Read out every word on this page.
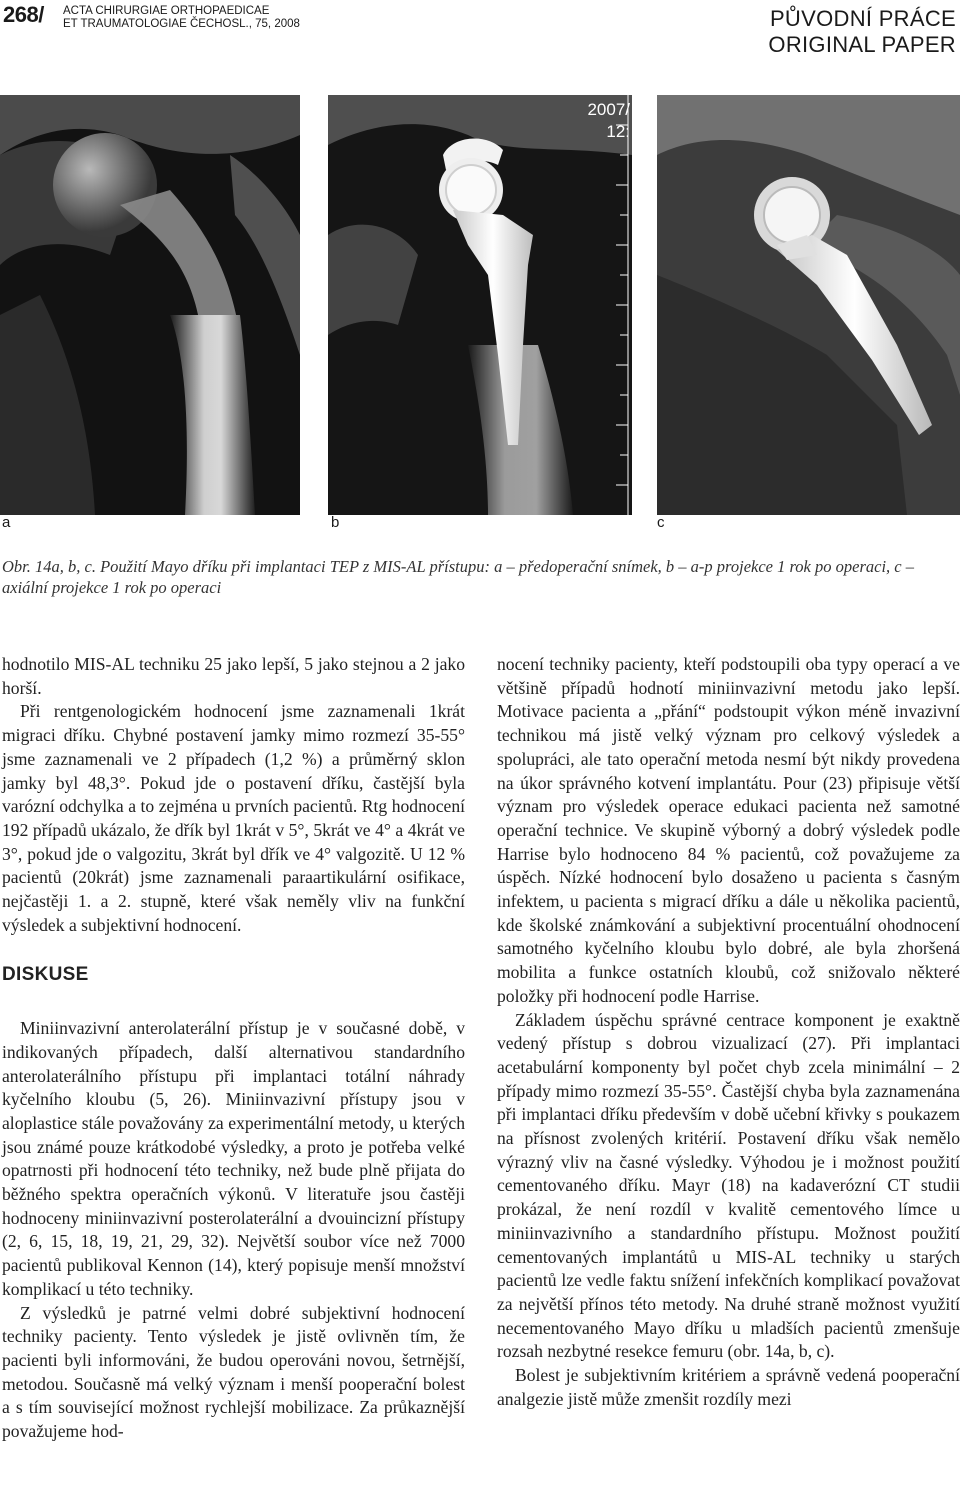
268/ ACTA CHIRURGIAE ORTHOPAEDICAE
ET TRAUMATOLOGIAE ČECHOSL., 75, 2008	PŮVODNÍ PRÁCE
ORIGINAL PAPER
2007/
12:
a	b	c
Obr. 14a, b, c. Použití Mayo dříku při implantaci TEP z MIS-AL přístupu: a – předoperační snímek, b – a-p projekce 1 rok po operaci, c – axiální projekce 1 rok po operaci

hodnotilo MIS-AL techniku 25 jako lepší, 5 jako stejnou a 2 jako horší.

Při rentgenologickém hodnocení jsme zaznamenali 1krát migraci dříku. Chybné postavení jamky mimo rozmezí 35-55° jsme zaznamenali ve 2 případech (1,2 %) a průměrný sklon jamky byl 48,3°. Pokud jde o postavení dříku, častější byla varózní odchylka a to zejména u prvních pacientů. Rtg hodnocení 192 případů ukázalo, že dřík byl 1krát v 5°, 5krát ve 4° a 4krát ve 3°, pokud jde o valgozitu, 3krát byl dřík ve 4° valgozitě. U 12 % pacientů (20krát) jsme zaznamenali paraartikulární osifikace, nejčastěji 1. a 2. stupně, které však neměly vliv na funkční výsledek a subjektivní hodnocení.

DISKUSE

Miniinvazivní anterolaterální přístup je v současné době, v indikovaných případech, další alternativou standardního anterolaterálního přístupu při implantaci totální náhrady kyčelního kloubu (5, 26). Miniinvazivní přístupy jsou v aloplastice stále považovány za experimentální metody, u kterých jsou známé pouze krátkodobé výsledky, a proto je potřeba velké opatrnosti při hodnocení této techniky, než bude plně přijata do běžného spektra operačních výkonů. V literatuře jsou častěji hodnoceny miniinvazivní posterolaterální a dvouincizní přístupy (2, 6, 15, 18, 19, 21, 29, 32). Největší soubor více než 7000 pacientů publikoval Kennon (14), který popisuje menší množství komplikací u této techniky.

Z výsledků je patrné velmi dobré subjektivní hodnocení techniky pacienty. Tento výsledek je jistě ovlivněn tím, že pacienti byli informováni, že budou operováni novou, šetrnější, metodou. Současně má velký význam i menší pooperační bolest a s tím související možnost rychlejší mobilizace. Za průkaznější považujeme hod-

nocení techniky pacienty, kteří podstoupili oba typy operací a ve většině případů hodnotí miniinvazivní metodu jako lepší. Motivace pacienta a „přání“ podstoupit výkon méně invazivní technikou má jistě velký význam pro celkový výsledek a spolupráci, ale tato operační metoda nesmí být nikdy provedena na úkor správného kotvení implantátu. Pour (23) připisuje větší význam pro výsledek operace edukaci pacienta než samotné operační technice. Ve skupině výborný a dobrý výsledek podle Harrise bylo hodnoceno 84 % pacientů, což považujeme za úspěch. Nízké hodnocení bylo dosaženo u pacienta s časným infektem, u pacienta s migrací dříku a dále u několika pacientů, kde školské známkování a subjektivní procentuální ohodnocení samotného kyčelního kloubu bylo dobré, ale byla zhoršená mobilita a funkce ostatních kloubů, což snižovalo některé položky při hodnocení podle Harrise.

Základem úspěchu správné centrace komponent je exaktně vedený přístup s dobrou vizualizací (27). Při implantaci acetabulární komponenty byl počet chyb zcela minimální – 2 případy mimo rozmezí 35-55°. Častější chyba byla zaznamenána při implantaci dříku především v době učební křivky s poukazem na přísnost zvolených kritérií. Postavení dříku však nemělo výrazný vliv na časné výsledky. Výhodou je i možnost použití cementovaného dříku. Mayr (18) na kadaverózní CT studii prokázal, že není rozdíl v kvalitě cementového límce u miniinvazivního a standardního přístupu. Možnost použití cementovaných implantátů u MIS-AL techniky u starých pacientů lze vedle faktu snížení infekčních komplikací považovat za největší přínos této metody. Na druhé straně možnost využití necementovaného Mayo dříku u mladších pacientů zmenšuje rozsah nezbytné resekce femuru (obr. 14a, b, c).

Bolest je subjektivním kritériem a správně vedená pooperační analgezie jistě může zmenšit rozdíly mezi
